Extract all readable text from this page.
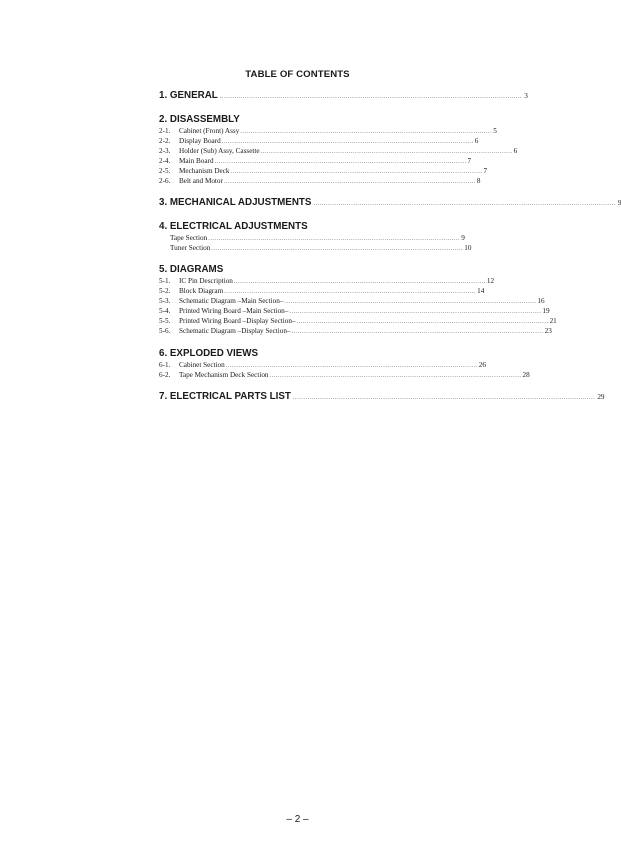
TABLE OF CONTENTS
1. GENERAL ................................................................................................................................................ 3
2. DISASSEMBLY
2-1.	Cabinet (Front) Assy ........................................................................................................................ 5
2-2.	Display Board ........................................................................................................................ 6
2-3.	Holder (Sub) Assy, Cassette ........................................................................................................................ 6
2-4.	Main Board ........................................................................................................................ 7
2-5.	Mechanism Deck ........................................................................................................................ 7
2-6.	Belt and Motor ........................................................................................................................ 8
3. MECHANICAL ADJUSTMENTS ................................................................................................................................................ 9
4. ELECTRICAL ADJUSTMENTS
Tape Section ........................................................................................................................ 9
Tuner Section ........................................................................................................................ 10
5. DIAGRAMS
5-1.	IC Pin Description ........................................................................................................................ 12
5-2.	Block Diagram ........................................................................................................................ 14
5-3.	Schematic Diagram –Main Section– ........................................................................................................................ 16
5-4.	Printed Wiring Board –Main Section– ........................................................................................................................ 19
5-5.	Printed Wiring Board –Display Section– ........................................................................................................................ 21
5-6.	Schematic Diagram –Display Section– ........................................................................................................................ 23
6. EXPLODED VIEWS
6-1.	Cabinet Section ........................................................................................................................ 26
6-2.	Tape Mechanism Deck Section ........................................................................................................................ 28
7. ELECTRICAL PARTS LIST ................................................................................................................................................ 29
– 2 –
